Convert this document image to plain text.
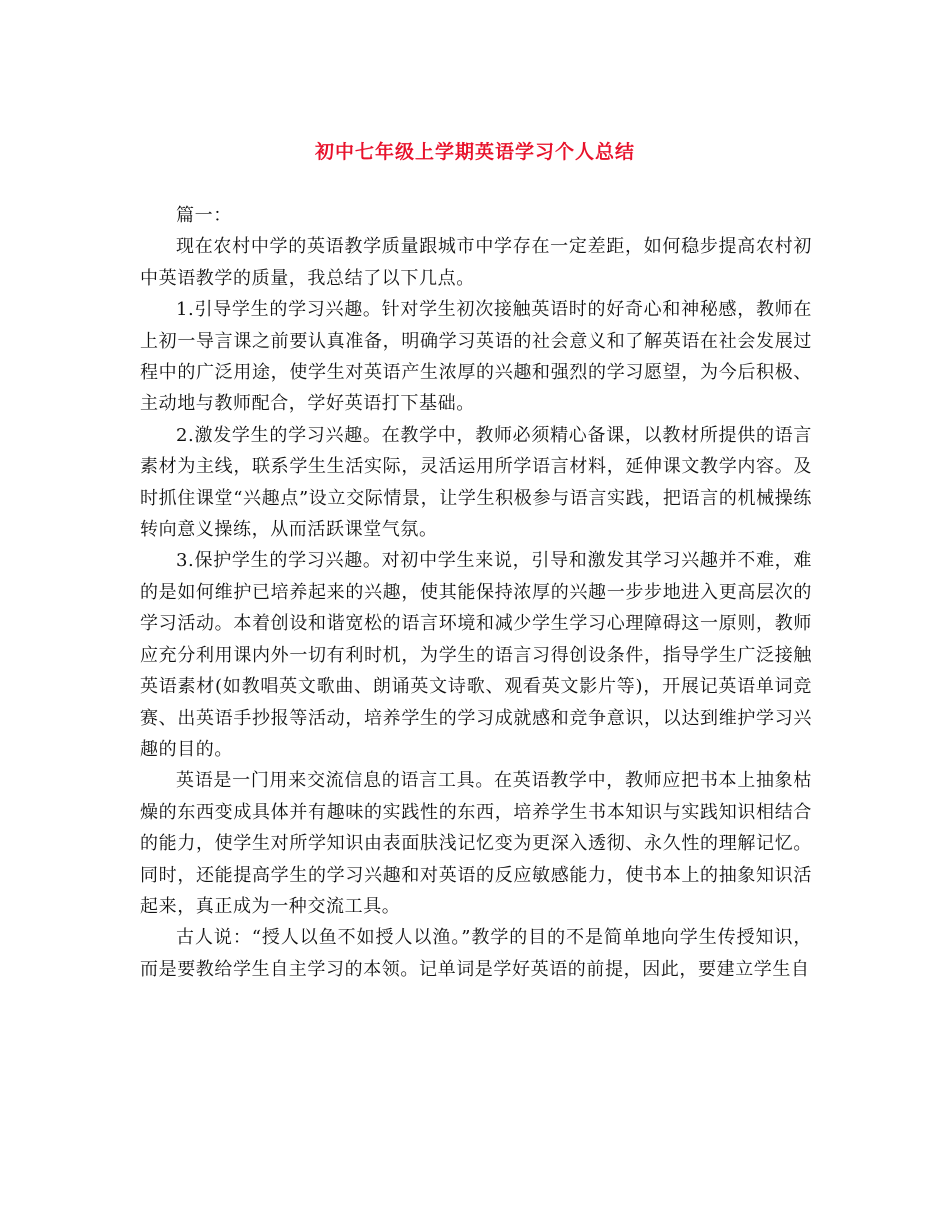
初中七年级上学期英语学习个人总结

篇一：

现在农村中学的英语教学质量跟城市中学存在一定差距，如何稳步提高农村初中英语教学的质量，我总结了以下几点。

1.引导学生的学习兴趣。针对学生初次接触英语时的好奇心和神秘感，教师在上初一导言课之前要认真准备，明确学习英语的社会意义和了解英语在社会发展过程中的广泛用途，使学生对英语产生浓厚的兴趣和强烈的学习愿望，为今后积极、主动地与教师配合，学好英语打下基础。

2.激发学生的学习兴趣。在教学中，教师必须精心备课，以教材所提供的语言素材为主线，联系学生生活实际，灵活运用所学语言材料，延伸课文教学内容。及时抓住课堂“兴趣点”设立交际情景，让学生积极参与语言实践，把语言的机械操练转向意义操练，从而活跃课堂气氛。

3.保护学生的学习兴趣。对初中学生来说，引导和激发其学习兴趣并不难，难的是如何维护已培养起来的兴趣，使其能保持浓厚的兴趣一步步地进入更高层次的学习活动。本着创设和谐宽松的语言环境和减少学生学习心理障碍这一原则，教师应充分利用课内外一切有利时机，为学生的语言习得创设条件，指导学生广泛接触英语素材(如教唱英文歌曲、朗诵英文诗歌、观看英文影片等)，开展记英语单词竞赛、出英语手抄报等活动，培养学生的学习成就感和竞争意识，以达到维护学习兴趣的目的。

英语是一门用来交流信息的语言工具。在英语教学中，教师应把书本上抽象枯燥的东西变成具体并有趣味的实践性的东西，培养学生书本知识与实践知识相结合的能力，使学生对所学知识由表面肤浅记忆变为更深入透彻、永久性的理解记忆。同时，还能提高学生的学习兴趣和对英语的反应敏感能力，使书本上的抽象知识活起来，真正成为一种交流工具。

古人说：“授人以鱼不如授人以渔。”教学的目的不是简单地向学生传授知识，而是要教给学生自主学习的本领。记单词是学好英语的前提，因此，要建立学生自
